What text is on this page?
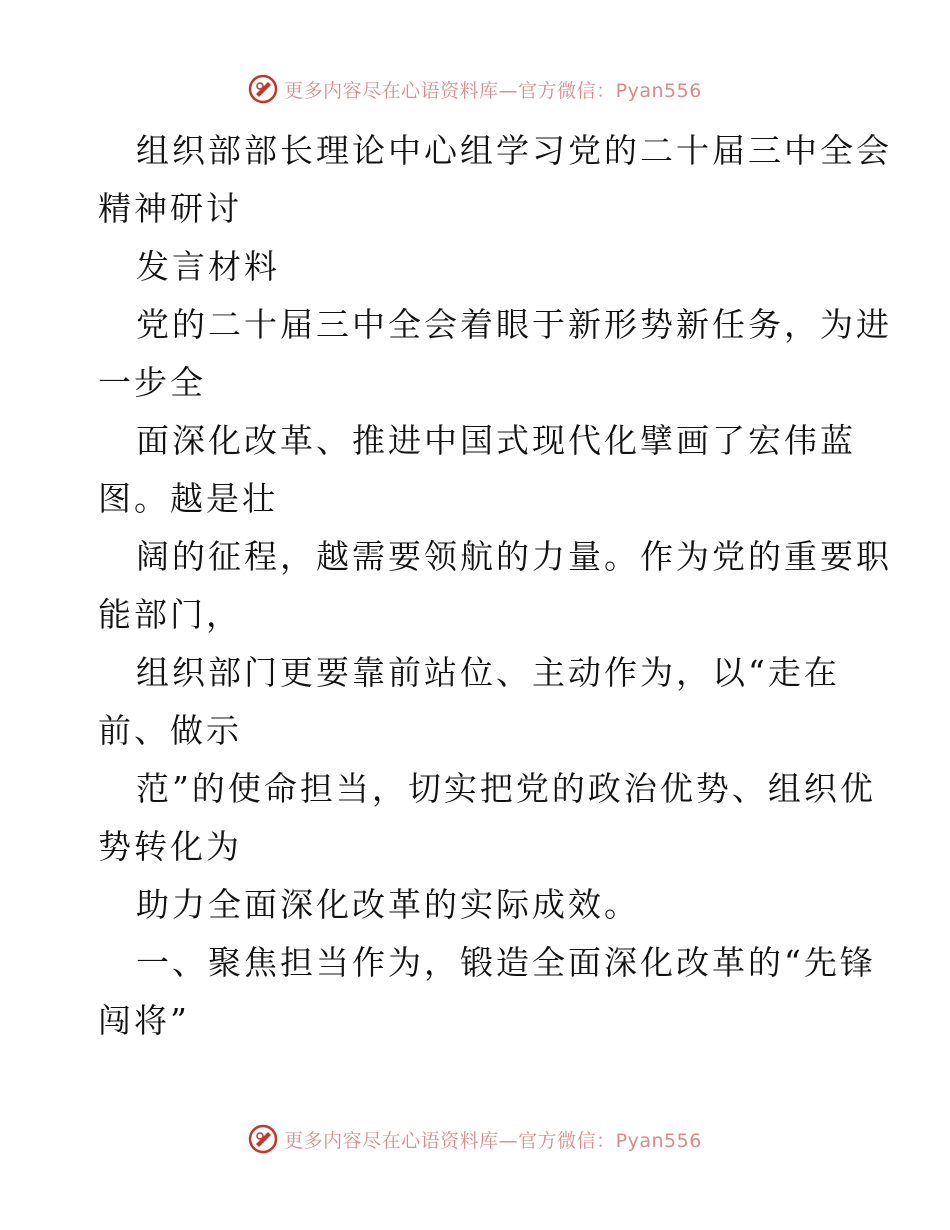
更多内容尽在心语资料库—官方微信：Pyan556
组织部部长理论中心组学习党的二十届三中全会
精神研讨
发言材料
党的二十届三中全会着眼于新形势新任务，为进
一步全
面深化改革、推进中国式现代化擘画了宏伟蓝
图。越是壮
阔的征程，越需要领航的力量。作为党的重要职
能部门，
组织部门更要靠前站位、主动作为，以“走在
前、做示
范”的使命担当，切实把党的政治优势、组织优
势转化为
助力全面深化改革的实际成效。
一、聚焦担当作为，锻造全面深化改革的“先锋
闯将”
更多内容尽在心语资料库—官方微信：Pyan556
